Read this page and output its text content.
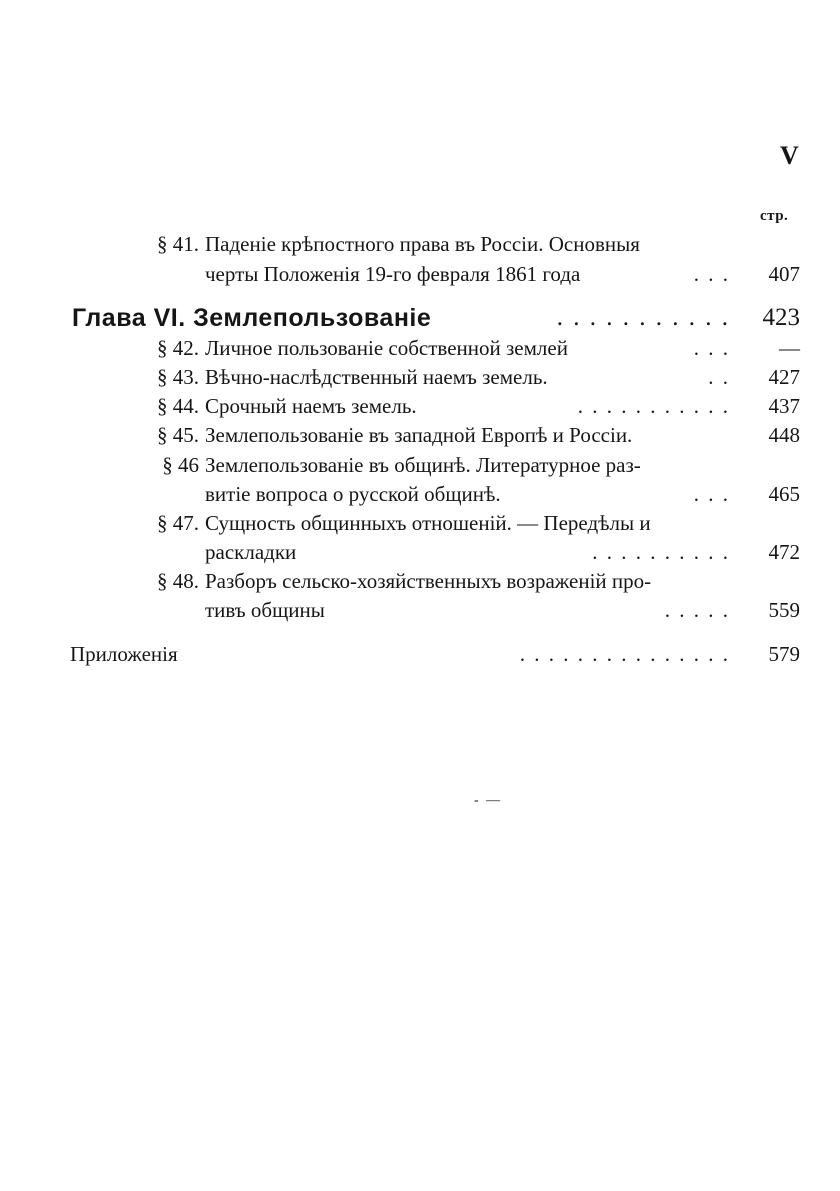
V
стр.
§ 41. Паденіе крѣпостного права въ Россіи. Основныя
черты Положенія 19-го февраля 1861 года	. . .	407
Глава VI. Землепользованіе	. . . . . . . . . . .	423
§ 42. Личное пользованіе собственной землей	. . .	—
§ 43. Вѣчно-наслѣдственный наемъ земель.	. .	427
§ 44. Срочный наемъ земель.	. . . . . . . . . . .	437
§ 45. Землепользованіе въ западной Европѣ и Россіи.	448
§ 46 Землепользованіе въ общинѣ. Литературное раз-
витіе вопроса о русской общинѣ.	. . .	465
§ 47. Сущность общинныхъ отношеній. — Передѣлы и
раскладки	. . . . . . . . . .	472
§ 48. Разборъ сельско-хозяйственныхъ возраженій про-
тивъ общины	. . . . .	559
Приложенія	. . . . . . . . . . . . . . .	579
- —
